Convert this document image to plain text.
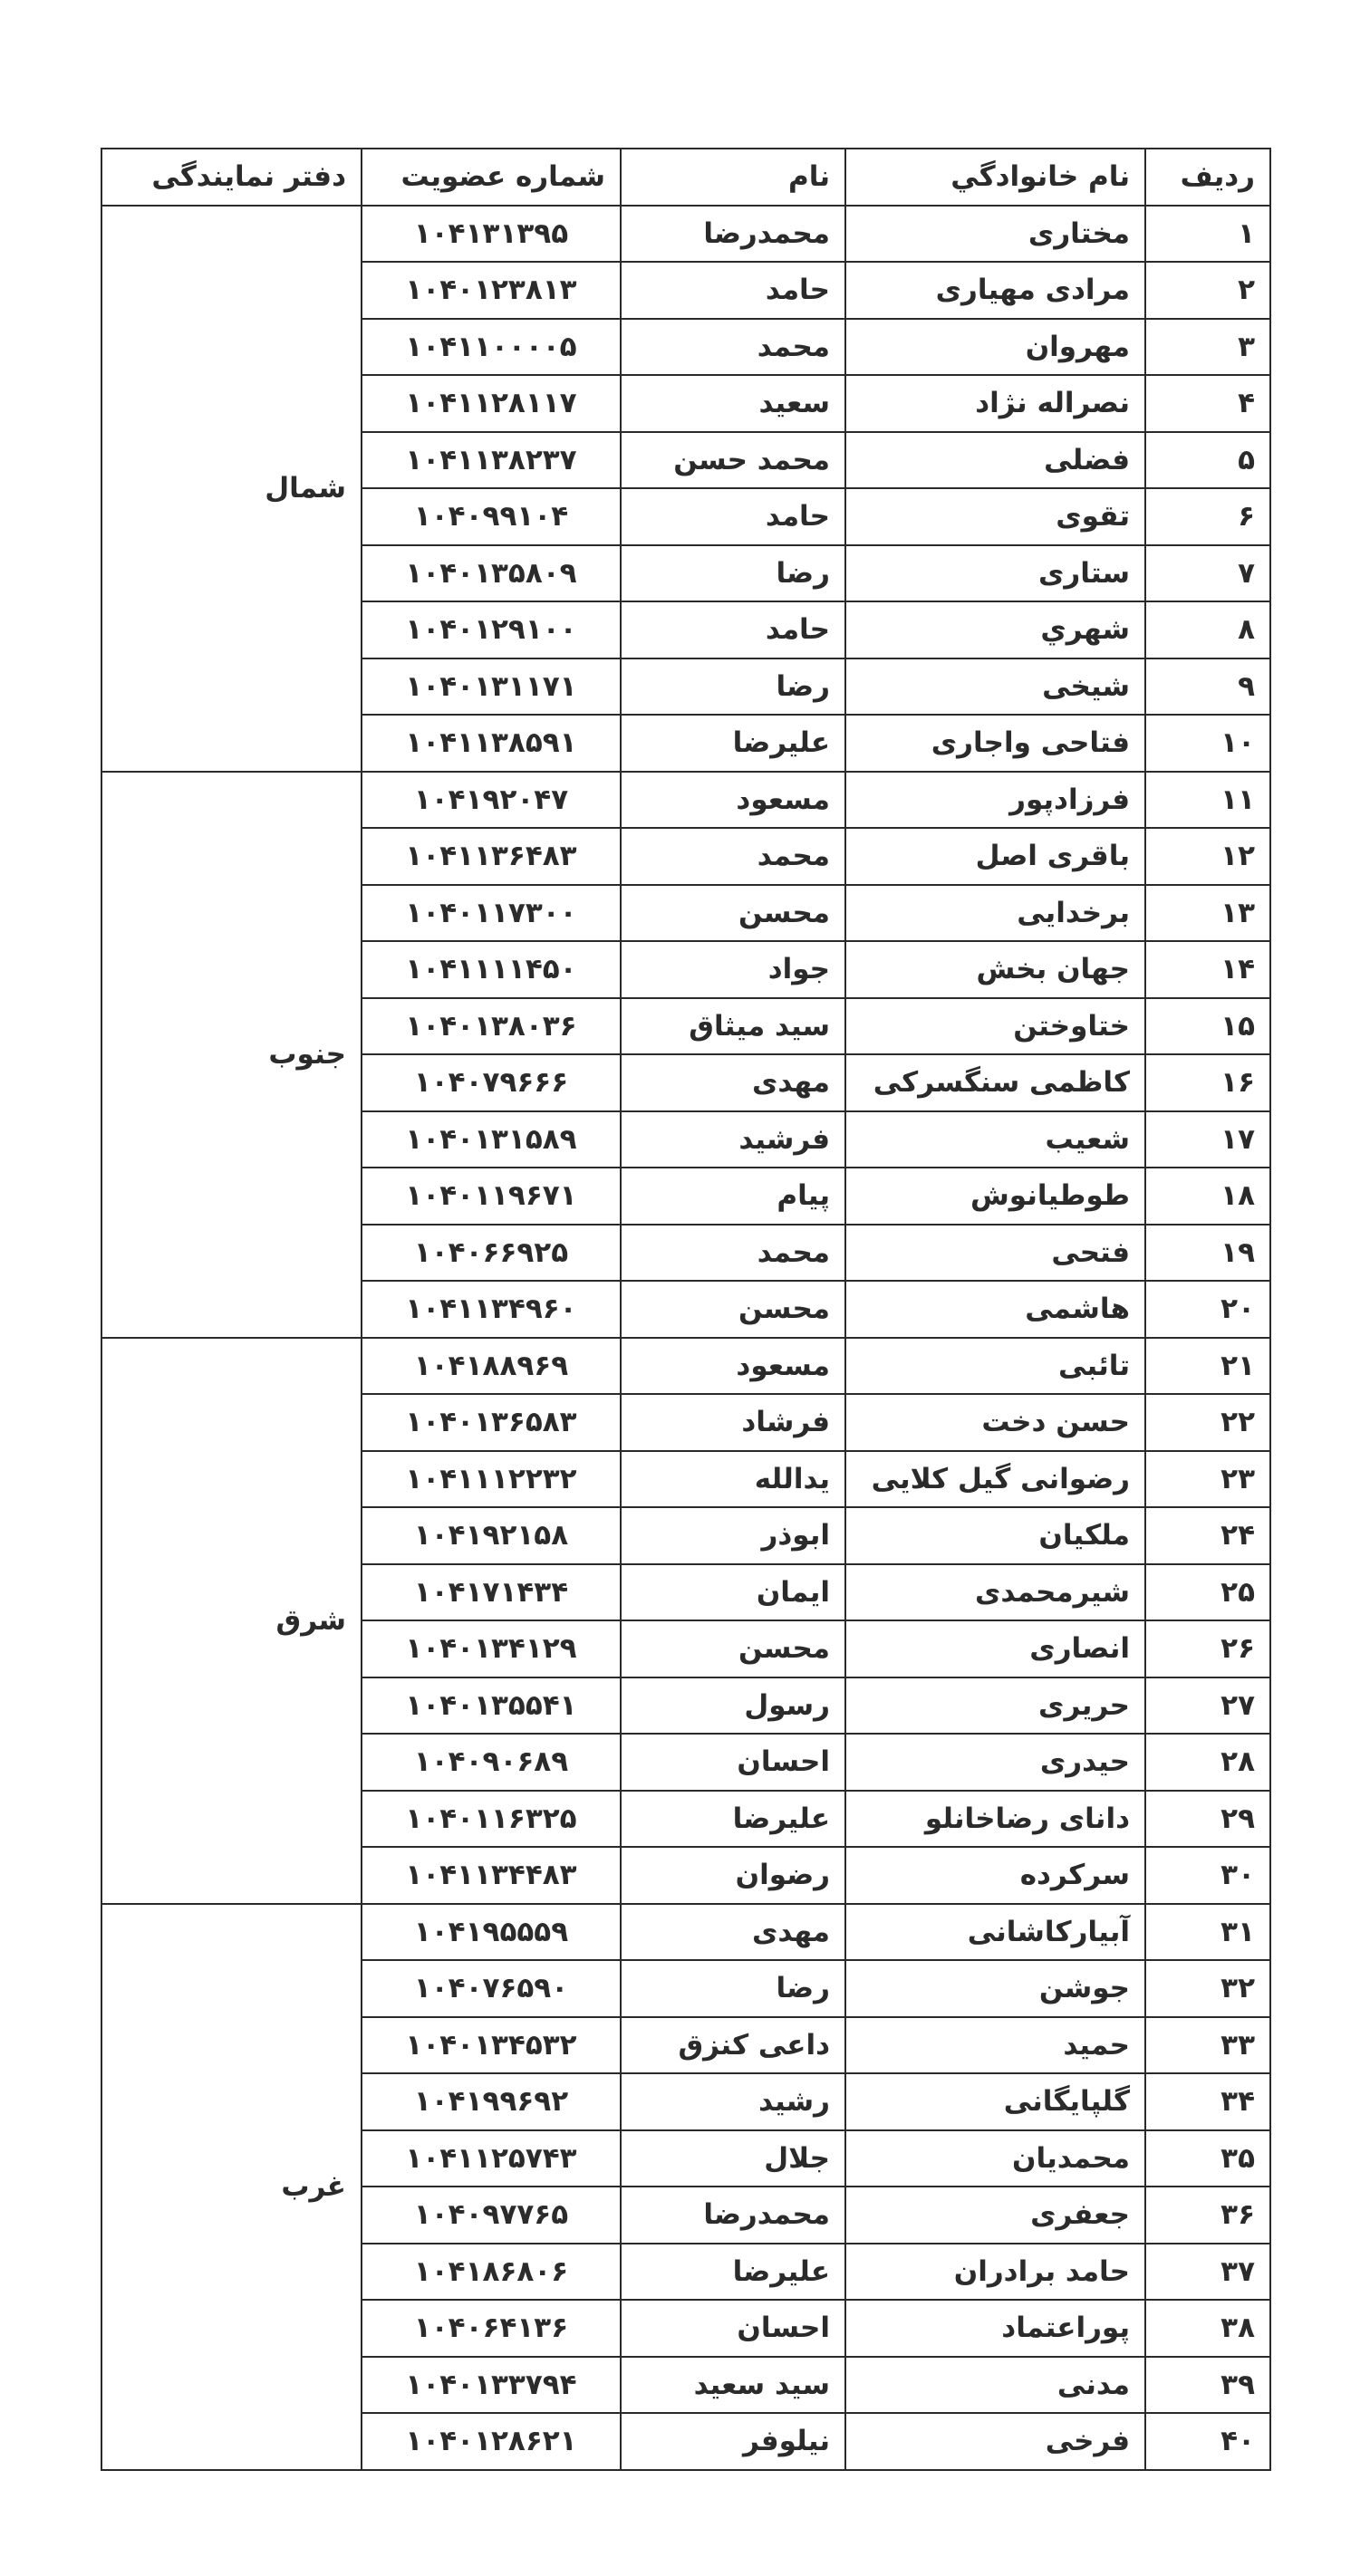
ردیف	نام خانوادگي	نام	شماره عضویت	دفتر نمایندگی
۱	مختاری	محمدرضا	۱۰۴۱۳۱۳۹۵	شمال
۲	مرادی مهیاری	حامد	۱۰۴۰۱۲۳۸۱۳	
۳	مهروان	محمد	۱۰۴۱۱۰۰۰۰۵	
۴	نصراله نژاد	سعید	۱۰۴۱۱۲۸۱۱۷	
۵	فضلی	محمد حسن	۱۰۴۱۱۳۸۲۳۷	
۶	تقوی	حامد	۱۰۴۰۹۹۱۰۴	
۷	ستاری	رضا	۱۰۴۰۱۳۵۸۰۹	
۸	شهري	حامد	۱۰۴۰۱۲۹۱۰۰	
۹	شیخی	رضا	۱۰۴۰۱۳۱۱۷۱	
۱۰	فتاحی واجاری	علیرضا	۱۰۴۱۱۳۸۵۹۱	
۱۱	فرزادپور	مسعود	۱۰۴۱۹۲۰۴۷	جنوب
۱۲	باقری اصل	محمد	۱۰۴۱۱۳۶۴۸۳	
۱۳	برخدایی	محسن	۱۰۴۰۱۱۷۳۰۰	
۱۴	جهان بخش	جواد	۱۰۴۱۱۱۱۴۵۰	
۱۵	ختاوختن	سید میثاق	۱۰۴۰۱۳۸۰۳۶	
۱۶	کاظمی سنگسرکی	مهدی	۱۰۴۰۷۹۶۶۶	
۱۷	شعیب	فرشید	۱۰۴۰۱۳۱۵۸۹	
۱۸	طوطیانوش	پیام	۱۰۴۰۱۱۹۶۷۱	
۱۹	فتحی	محمد	۱۰۴۰۶۶۹۲۵	
۲۰	هاشمی	محسن	۱۰۴۱۱۳۴۹۶۰	
۲۱	تائبی	مسعود	۱۰۴۱۸۸۹۶۹	شرق
۲۲	حسن دخت	فرشاد	۱۰۴۰۱۳۶۵۸۳	
۲۳	رضوانی گیل کلایی	یدالله	۱۰۴۱۱۱۲۲۳۲	
۲۴	ملکیان	ابوذر	۱۰۴۱۹۲۱۵۸	
۲۵	شیرمحمدی	ایمان	۱۰۴۱۷۱۴۳۴	
۲۶	انصاری	محسن	۱۰۴۰۱۳۴۱۲۹	
۲۷	حریری	رسول	۱۰۴۰۱۳۵۵۴۱	
۲۸	حیدری	احسان	۱۰۴۰۹۰۶۸۹	
۲۹	دانای رضاخانلو	علیرضا	۱۰۴۰۱۱۶۳۲۵	
۳۰	سرکرده	رضوان	۱۰۴۱۱۳۴۴۸۳	
۳۱	آبیارکاشانی	مهدی	۱۰۴۱۹۵۵۵۹	غرب
۳۲	جوشن	رضا	۱۰۴۰۷۶۵۹۰	
۳۳	حمید	داعی کنزق	۱۰۴۰۱۳۴۵۳۲	
۳۴	گلپایگانی	رشید	۱۰۴۱۹۹۶۹۲	
۳۵	محمدیان	جلال	۱۰۴۱۱۲۵۷۴۳	
۳۶	جعفری	محمدرضا	۱۰۴۰۹۷۷۶۵	
۳۷	حامد برادران	علیرضا	۱۰۴۱۸۶۸۰۶	
۳۸	پوراعتماد	احسان	۱۰۴۰۶۴۱۳۶	
۳۹	مدنی	سید سعید	۱۰۴۰۱۳۳۷۹۴	
۴۰	فرخی	نیلوفر	۱۰۴۰۱۲۸۶۲۱	
